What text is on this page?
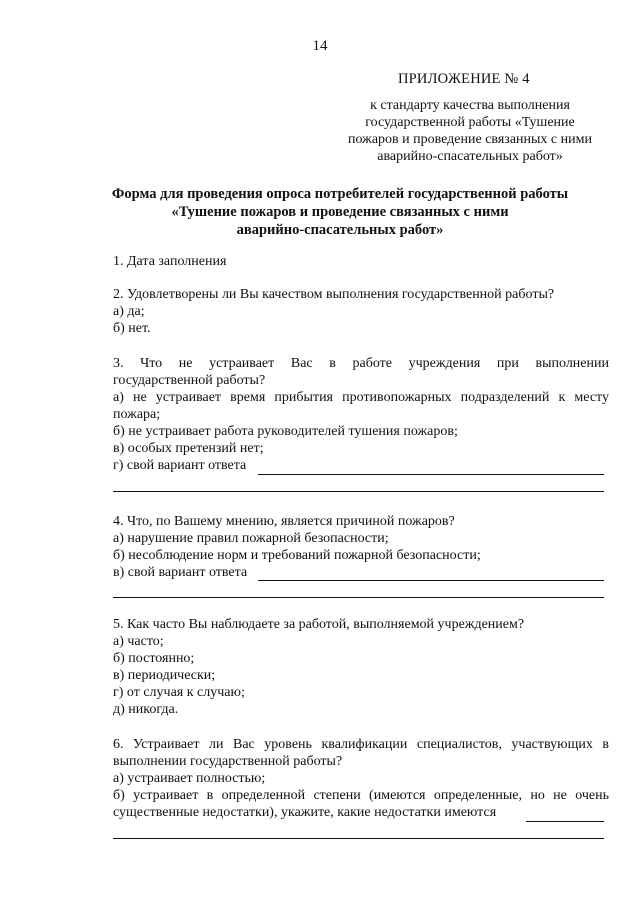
14
ПРИЛОЖЕНИЕ № 4
к стандарту качества выполнения
государственной работы «Тушение
пожаров и проведение связанных с ними
аварийно-спасательных работ»
Форма для проведения опроса потребителей государственной работы
«Тушение пожаров и проведение связанных с ними
аварийно-спасательных работ»
1. Дата заполнения
2. Удовлетворены ли Вы качеством выполнения государственной работы?
а) да;
б) нет.
3. Что не устраивает Вас в работе учреждения при выполнении
государственной работы?
а) не устраивает время прибытия противопожарных подразделений к месту
пожара;
б) не устраивает работа руководителей тушения пожаров;
в) особых претензий нет;
г) свой вариант ответа
4. Что, по Вашему мнению, является причиной пожаров?
а) нарушение правил пожарной безопасности;
б) несоблюдение норм и требований пожарной безопасности;
в) свой вариант ответа
5. Как часто Вы наблюдаете за работой, выполняемой учреждением?
а) часто;
б) постоянно;
в) периодически;
г) от случая к случаю;
д) никогда.
6. Устраивает ли Вас уровень квалификации специалистов, участвующих в
выполнении государственной работы?
а) устраивает полностью;
б) устраивает в определенной степени (имеются определенные, но не очень
существенные недостатки), укажите, какие недостатки имеются
